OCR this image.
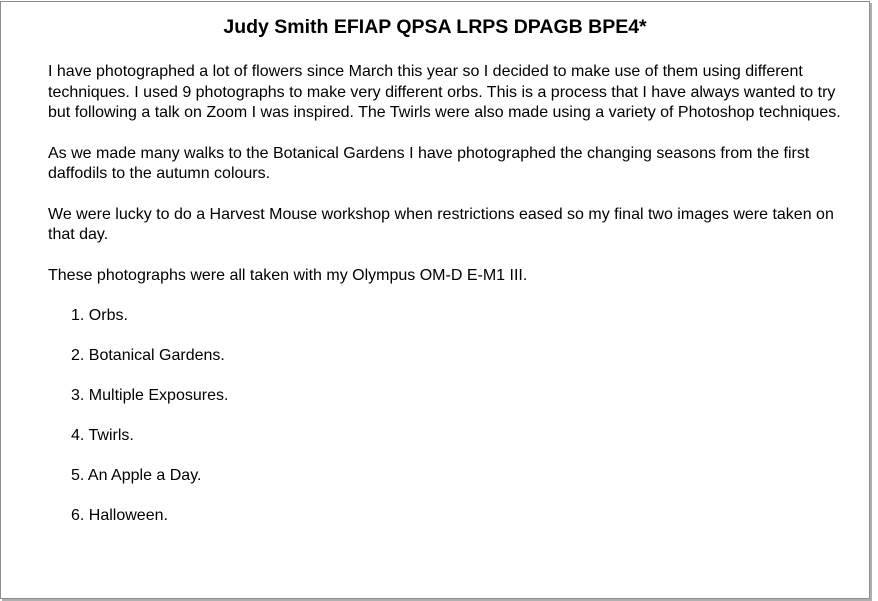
Judy Smith EFIAP QPSA LRPS DPAGB BPE4*

I have photographed a lot of flowers since March this year so I decided to make use of them using different techniques. I used 9 photographs to make very different orbs. This is a process that I have always wanted to try but following a talk on Zoom I was inspired. The Twirls were also made using a variety of Photoshop techniques.

As we made many walks to the Botanical Gardens I have photographed the changing seasons from the first daffodils to the autumn colours.

We were lucky to do a Harvest Mouse workshop when restrictions eased so my final two images were taken on that day.

These photographs were all taken with my Olympus OM-D E-M1 III.

1. Orbs.
2. Botanical Gardens.
3. Multiple Exposures.
4. Twirls.
5. An Apple a Day.
6. Halloween.
